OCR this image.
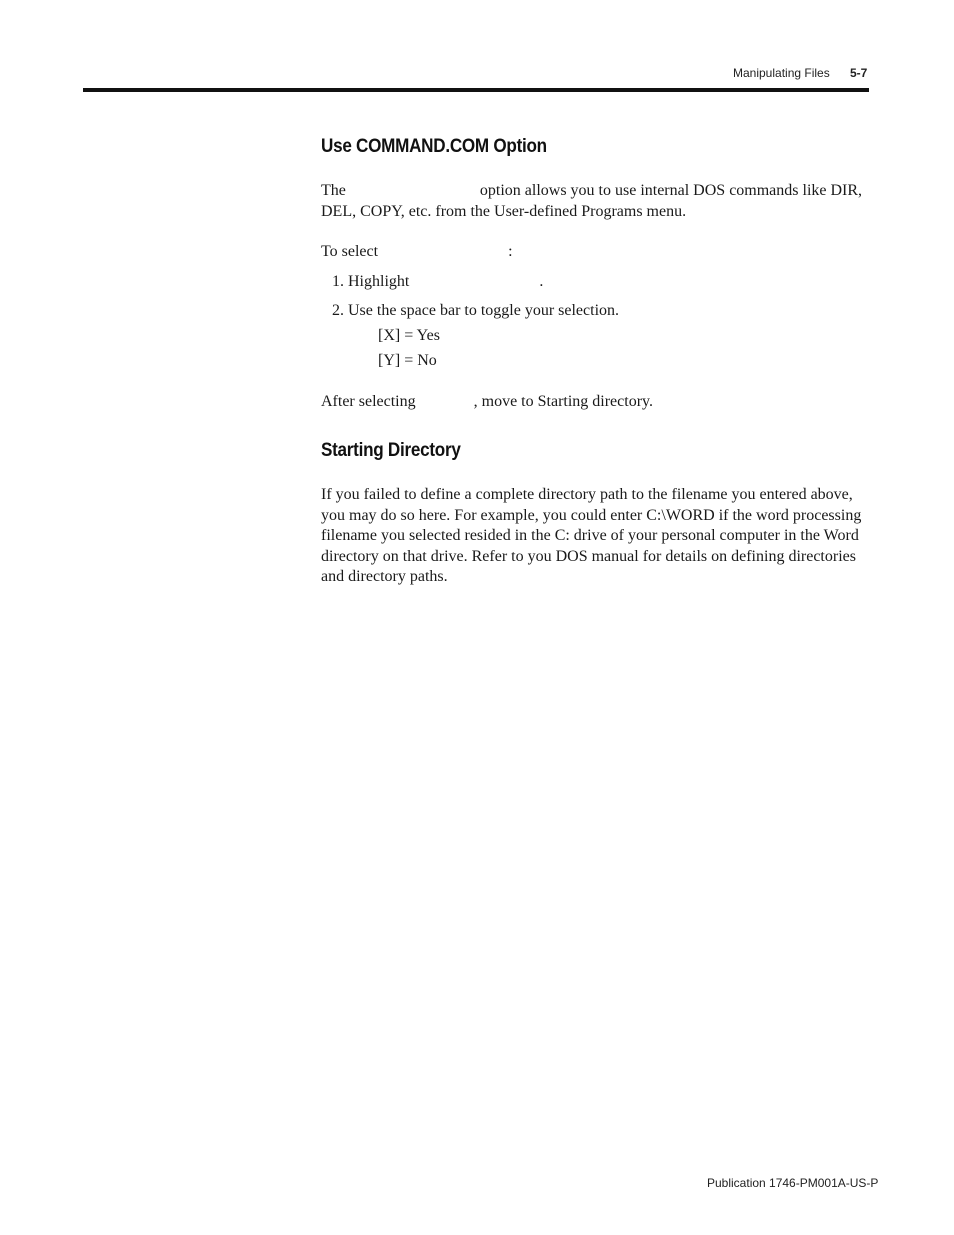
Manipulating Files 5-7
Use COMMAND.COM Option

The	option allows you to use internal DOS commands like DIR, DEL, COPY, etc. from the User-defined Programs menu.

To select	:

1. Highlight	.

2. Use the space bar to toggle your selection.

[X] = Yes

[Y] = No

After selecting	, move to Starting directory.

Starting Directory

If you failed to define a complete directory path to the filename you entered above, you may do so here. For example, you could enter C:\WORD if the word processing filename you selected resided in the C: drive of your personal computer in the Word directory on that drive. Refer to you DOS manual for details on defining directories and directory paths.

Publication 1746-PM001A-US-P
